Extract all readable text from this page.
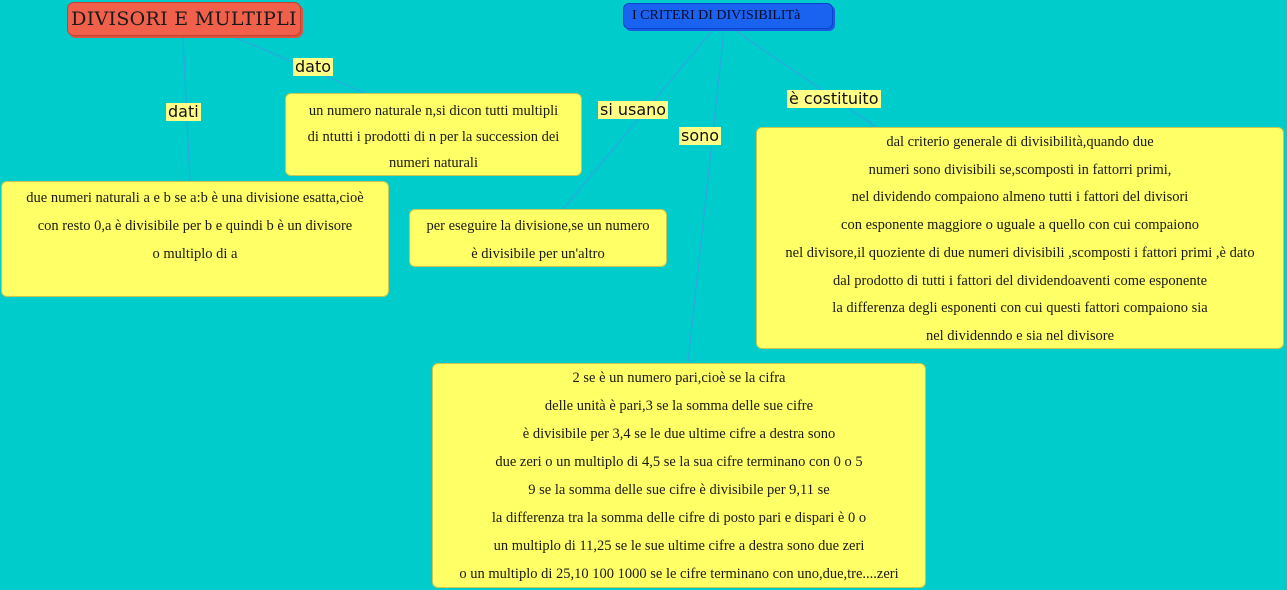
DIVISORI E MULTIPLI	I CRITERI DI DIVISIBILITà
dati
dato
si usano
sono
è costituito
un numero naturale n,si dicon tutti multipli
di ntutti i prodotti di n per la succession dei
numeri naturali
due numeri naturali a e b se a:b è una divisione esatta,cioè
con resto 0,a è divisibile per b e quindi b è un divisore
o multiplo di a
per eseguire la divisione,se un numero
è divisibile per un'altro
dal criterio generale di divisibilità,quando due
numeri sono divisibili se,scomposti in fattorri primi,
nel dividendo compaiono almeno tutti i fattori del divisori
con esponente maggiore o uguale a quello con cui compaiono
nel divisore,il quoziente di due numeri divisibili ,scomposti i fattori primi ,è dato
dal prodotto di tutti i fattori del dividendoaventi come esponente
la differenza degli esponenti con cui questi fattori compaiono sia
nel dividenndo e sia nel divisore
2 se è un numero pari,cioè se la cifra
delle unità è pari,3 se la somma delle sue cifre
è divisibile per 3,4 se le due ultime cifre a destra sono
due zeri o un multiplo di 4,5 se la sua cifre terminano con 0 o 5
9 se la somma delle sue cifre è divisibile per 9,11 se
la differenza tra la somma delle cifre di posto pari e dispari è 0 o
un multiplo di 11,25 se le sue ultime cifre a destra sono due zeri
o un multiplo di 25,10 100 1000 se le cifre terminano con uno,due,tre....zeri
